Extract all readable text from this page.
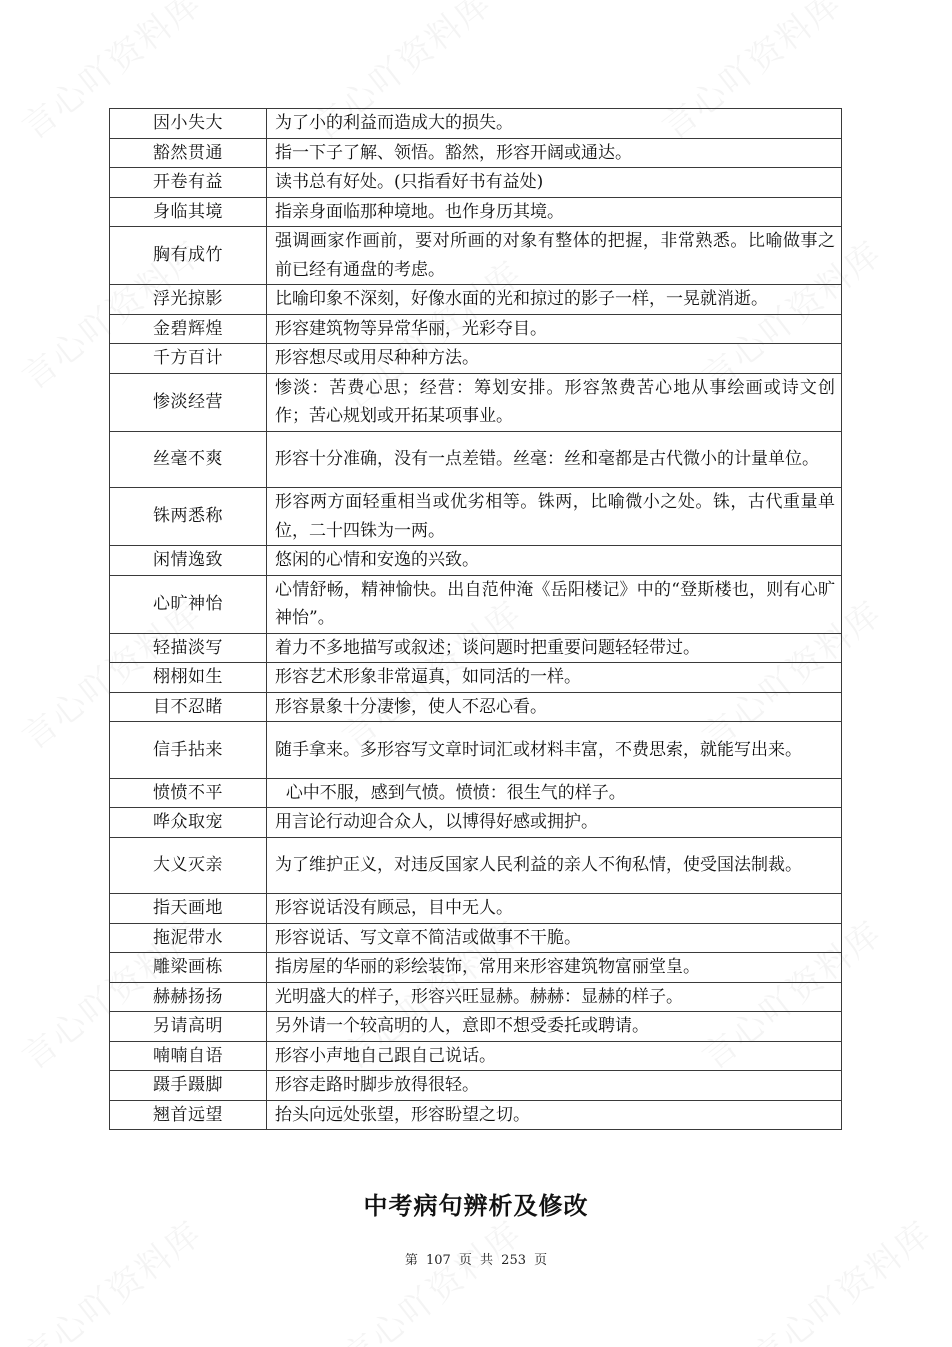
因小失大	为了小的利益而造成大的损失。
豁然贯通	指一下子了解、领悟。豁然，形容开阔或通达。
开卷有益	读书总有好处。(只指看好书有益处)
身临其境	指亲身面临那种境地。也作身历其境。
胸有成竹	强调画家作画前，要对所画的对象有整体的把握，非常熟悉。比喻做事之前已经有通盘的考虑。
浮光掠影	比喻印象不深刻，好像水面的光和掠过的影子一样，一晃就消逝。
金碧辉煌	形容建筑物等异常华丽，光彩夺目。
千方百计	形容想尽或用尽种种方法。
惨淡经营	惨淡：苦费心思；经营：筹划安排。形容煞费苦心地从事绘画或诗文创作；苦心规划或开拓某项事业。
丝毫不爽	形容十分准确，没有一点差错。丝毫：丝和毫都是古代微小的计量单位。
铢两悉称	形容两方面轻重相当或优劣相等。铢两，比喻微小之处。铢，古代重量单位，二十四铢为一两。
闲情逸致	悠闲的心情和安逸的兴致。
心旷神怡	心情舒畅，精神愉快。出自范仲淹《岳阳楼记》中的“登斯楼也，则有心旷神怡”。
轻描淡写	着力不多地描写或叙述；谈问题时把重要问题轻轻带过。
栩栩如生	形容艺术形象非常逼真，如同活的一样。
目不忍睹	形容景象十分凄惨，使人不忍心看。
信手拈来	随手拿来。多形容写文章时词汇或材料丰富，不费思索，就能写出来。
愤愤不平	心中不服，感到气愤。愤愤：很生气的样子。
哗众取宠	用言论行动迎合众人，以博得好感或拥护。
大义灭亲	为了维护正义，对违反国家人民利益的亲人不徇私情，使受国法制裁。
指天画地	形容说话没有顾忌，目中无人。
拖泥带水	形容说话、写文章不简洁或做事不干脆。
雕梁画栋	指房屋的华丽的彩绘装饰，常用来形容建筑物富丽堂皇。
赫赫扬扬	光明盛大的样子，形容兴旺显赫。赫赫：显赫的样子。
另请高明	另外请一个较高明的人，意即不想受委托或聘请。
喃喃自语	形容小声地自己跟自己说话。
蹑手蹑脚	形容走路时脚步放得很轻。
翘首远望	抬头向远处张望，形容盼望之切。
中考病句辨析及修改
第 107 页 共 253 页
